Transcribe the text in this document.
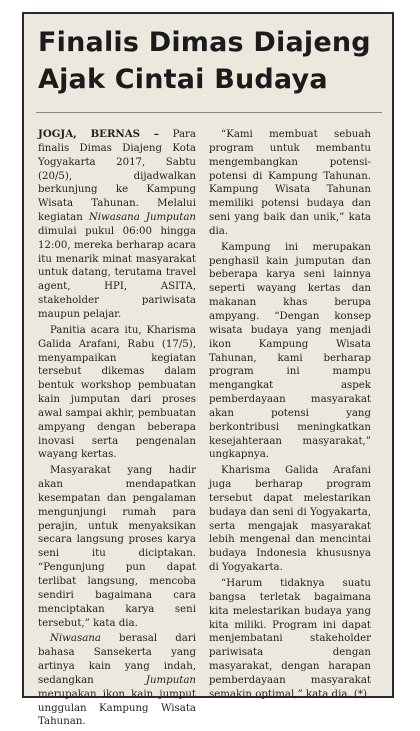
Finalis Dimas Diajeng
Ajak Cintai Budaya

JOGJA, BERNAS – Para finalis Dimas Diajeng Kota Yogyakarta 2017, Sabtu (20/5), dijadwalkan berkunjung ke Kampung Wisata Tahunan. Melalui kegiatan Niwasana Jumputan dimulai pukul 06:00 hingga 12:00, mereka berharap acara itu menarik minat masyarakat untuk datang, terutama travel agent, HPI, ASITA, stakeholder pariwisata maupun pelajar.

Panitia acara itu, Kharisma Galida Arafani, Rabu (17/5), menyampaikan kegiatan tersebut dikemas dalam bentuk workshop pembuatan kain jumputan dari proses awal sampai akhir, pembuatan ampyang dengan beberapa inovasi serta pengenalan wayang kertas.

Masyarakat yang hadir akan mendapatkan kesempatan dan pengalaman mengunjungi rumah para perajin, untuk menyaksikan secara langsung proses karya seni itu diciptakan. “Pengunjung pun dapat terlibat langsung, mencoba sendiri bagaimana cara menciptakan karya seni tersebut,” kata dia.

Niwasana berasal dari bahasa Sansekerta yang artinya kain yang indah, sedangkan Jumputan merupakan ikon kain jumput unggulan Kampung Wisata Tahunan.

“Kami membuat sebuah program untuk membantu mengembangkan potensi-potensi di Kampung Tahunan. Kampung Wisata Tahunan memiliki potensi budaya dan seni yang baik dan unik,” kata dia.

Kampung ini merupakan penghasil kain jumputan dan beberapa karya seni lainnya seperti wayang kertas dan makanan khas berupa ampyang. “Dengan konsep wisata budaya yang menjadi ikon Kampung Wisata Tahunan, kami berharap program ini mampu mengangkat aspek pemberdayaan masyarakat akan potensi yang berkontribusi meningkatkan kesejahteraan masyarakat,” ungkapnya.

Kharisma Galida Arafani juga berharap program tersebut dapat melestarikan budaya dan seni di Yogyakarta, serta mengajak masyarakat lebih mengenal dan mencintai budaya Indonesia khususnya di Yogyakarta.

“Harum tidaknya suatu bangsa terletak bagaimana kita melestarikan budaya yang kita miliki. Program ini dapat menjembatani stakeholder pariwisata dengan masyarakat, dengan harapan pemberdayaan masyarakat semakin optimal,” kata dia. (*)
